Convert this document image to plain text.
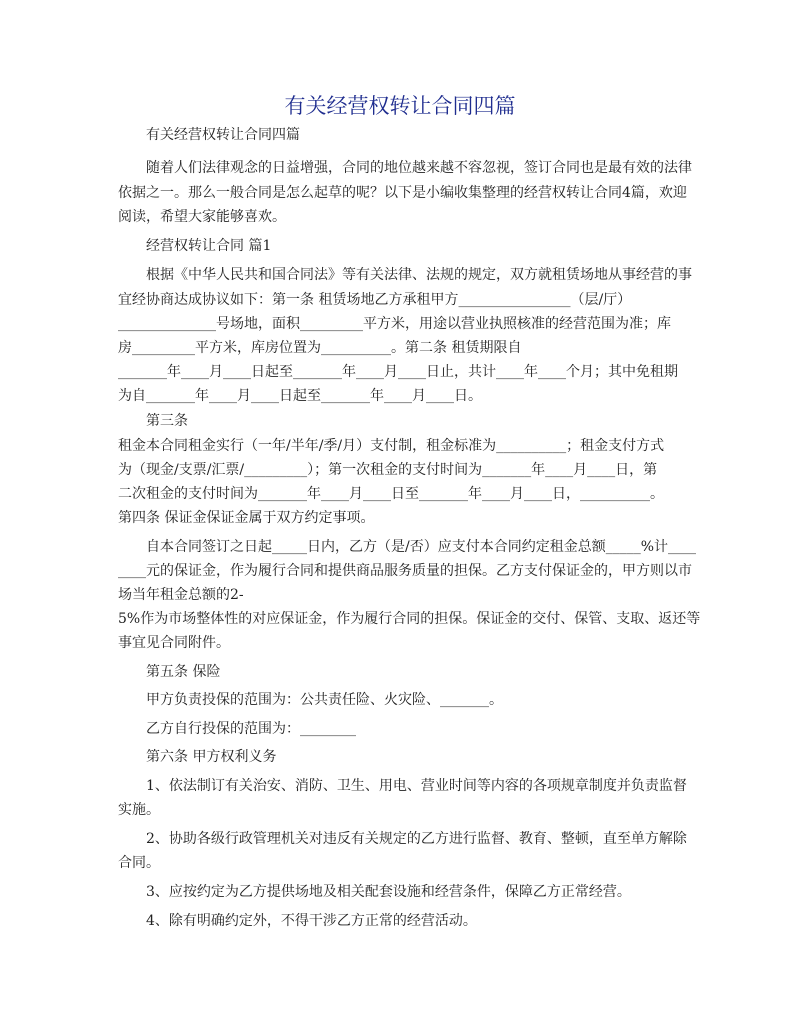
有关经营权转让合同四篇
有关经营权转让合同四篇
随着人们法律观念的日益增强，合同的地位越来越不容忽视，签订合同也是最有效的法律
依据之一。那么一般合同是怎么起草的呢？以下是小编收集整理的经营权转让合同4篇，欢迎
阅读，希望大家能够喜欢。
经营权转让合同 篇1
根据《中华人民共和国合同法》等有关法律、法规的规定，双方就租赁场地从事经营的事
宜经协商达成协议如下：第一条 租赁场地乙方承租甲方________________（层/厅）
______________号场地，面积_________平方米，用途以营业执照核准的经营范围为准；库
房_________平方米，库房位置为__________。第二条 租赁期限自
_______年____月____日起至_______年____月____日止，共计____年____个月；其中免租期
为自_______年____月____日起至_______年____月____日。
第三条
租金本合同租金实行（一年/半年/季/月）支付制，租金标准为__________；租金支付方式
为（现金/支票/汇票/_________）；第一次租金的支付时间为_______年____月____日，第
二次租金的支付时间为_______年____月____日至_______年____月____日，__________。
第四条 保证金保证金属于双方约定事项。
自本合同签订之日起_____日内，乙方（是/否）应支付本合同约定租金总额_____%计____
____元的保证金，作为履行合同和提供商品服务质量的担保。乙方支付保证金的，甲方则以市
场当年租金总额的2-
5%作为市场整体性的对应保证金，作为履行合同的担保。保证金的交付、保管、支取、返还等
事宜见合同附件。
第五条 保险
甲方负责投保的范围为：公共责任险、火灾险、_______。
乙方自行投保的范围为：________
第六条 甲方权利义务
1、依法制订有关治安、消防、卫生、用电、营业时间等内容的各项规章制度并负责监督
实施。
2、协助各级行政管理机关对违反有关规定的乙方进行监督、教育、整顿，直至单方解除
合同。
3、应按约定为乙方提供场地及相关配套设施和经营条件，保障乙方正常经营。
4、除有明确约定外，不得干涉乙方正常的经营活动。
